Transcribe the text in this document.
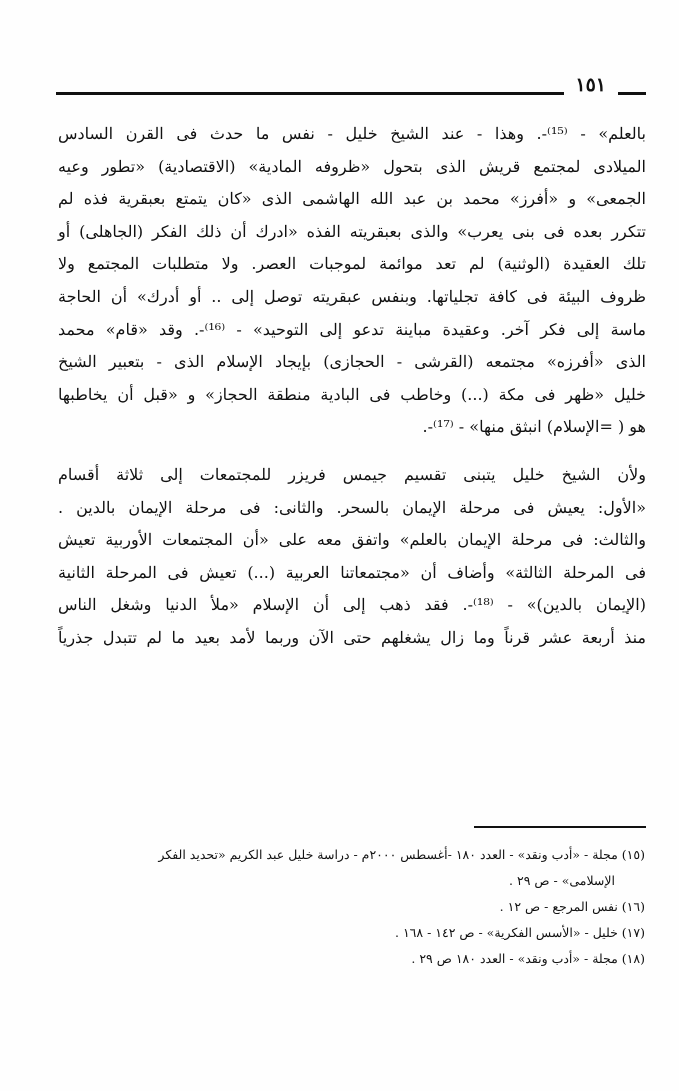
١٥١

بالعلم» - ⁽¹⁵⁾-. وهذا - عند الشيخ خليل - نفس ما حدث فى القرن السادس
الميلادى لمجتمع قريش الذى بتحول «ظروفه المادية» (الاقتصادية) «تطور وعيه
الجمعى» و «أفرز» محمد بن عبد الله الهاشمى الذى «كان يتمتع بعبقرية فذه لم
تتكرر بعده فى بنى يعرب» والذى بعبقريته الفذه «ادرك أن ذلك الفكر (الجاهلى) أو
تلك العقيدة (الوثنية) لم تعد موائمة لموجبات العصر. ولا متطلبات المجتمع ولا
ظروف البيئة فى كافة تجلياتها. وبنفس عبقريته توصل إلى .. أو أدرك» أن الحاجة
ماسة إلى فكر آخر. وعقيدة مباينة تدعو إلى التوحيد» - ⁽¹⁶⁾-. وقد «قام» محمد
الذى «أفرزه» مجتمعه (القرشى - الحجازى) بإيجاد الإسلام الذى - بتعبير الشيخ
خليل «ظهر فى مكة (...) وخاطب فى البادية منطقة الحجاز» و «قبل أن يخاطبها
هو ( =الإسلام) انبثق منها» - ⁽¹⁷⁾-.

ولأن الشيخ خليل يتبنى تقسيم جيمس فريزر للمجتمعات إلى ثلاثة أقسام
«الأول: يعيش فى مرحلة الإيمان بالسحر. والثانى: فى مرحلة الإيمان بالدين .
والثالث: فى مرحلة الإيمان بالعلم» واتفق معه على «أن المجتمعات الأوربية تعيش
فى المرحلة الثالثة» وأضاف أن «مجتمعاتنا العربية (...) تعيش فى المرحلة الثانية
(الإيمان بالدين)» - ⁽¹⁸⁾-. فقد ذهب إلى أن الإسلام «ملأ الدنيا وشغل الناس
منذ أربعة عشر قرناً وما زال يشغلهم حتى الآن وربما لأمد بعيد ما لم تتبدل جذرياً

(١٥) مجلة - «أدب ونقد» - العدد ١٨٠ -أغسطس ٢٠٠٠م - دراسة خليل عبد الكريم «تحديد الفكر
الإسلامى» - ص ٢٩ .
(١٦) نفس المرجع - ص ١٢ .
(١٧) خليل - «الأسس الفكرية» - ص ١٤٢ - ١٦٨ .
(١٨) مجلة - «أدب ونقد» - العدد ١٨٠ ص ٢٩ .
